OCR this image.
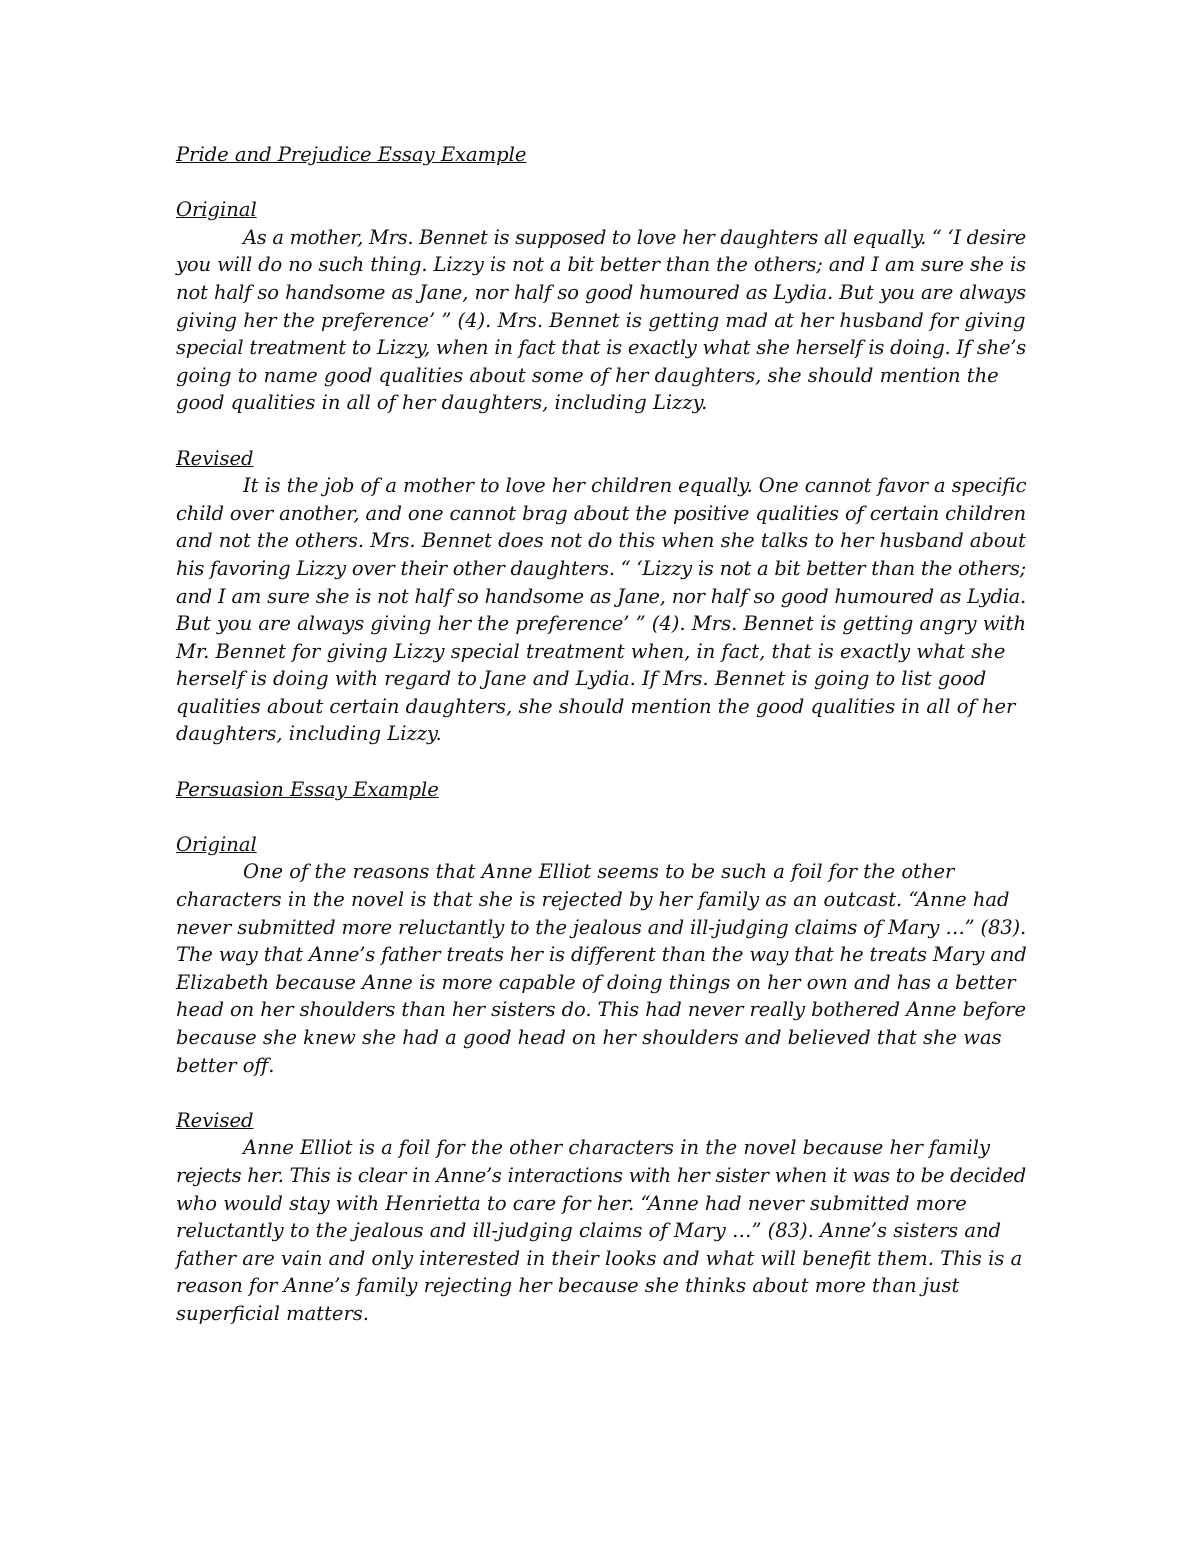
Pride and Prejudice Essay Example
Original
As a mother, Mrs. Bennet is supposed to love her daughters all equally. “ ‘I desire
you will do no such thing. Lizzy is not a bit better than the others; and I am sure she is
not half so handsome as Jane, nor half so good humoured as Lydia. But you are always
giving her the preference’ ” (4). Mrs. Bennet is getting mad at her husband for giving
special treatment to Lizzy, when in fact that is exactly what she herself is doing. If she’s
going to name good qualities about some of her daughters, she should mention the
good qualities in all of her daughters, including Lizzy.
Revised
It is the job of a mother to love her children equally. One cannot favor a specific
child over another, and one cannot brag about the positive qualities of certain children
and not the others. Mrs. Bennet does not do this when she talks to her husband about
his favoring Lizzy over their other daughters. “ ‘Lizzy is not a bit better than the others;
and I am sure she is not half so handsome as Jane, nor half so good humoured as Lydia.
But you are always giving her the preference’ ” (4). Mrs. Bennet is getting angry with
Mr. Bennet for giving Lizzy special treatment when, in fact, that is exactly what she
herself is doing with regard to Jane and Lydia. If Mrs. Bennet is going to list good
qualities about certain daughters, she should mention the good qualities in all of her
daughters, including Lizzy.
Persuasion Essay Example
Original
One of the reasons that Anne Elliot seems to be such a foil for the other
characters in the novel is that she is rejected by her family as an outcast. “Anne had
never submitted more reluctantly to the jealous and ill-judging claims of Mary …” (83).
The way that Anne’s father treats her is different than the way that he treats Mary and
Elizabeth because Anne is more capable of doing things on her own and has a better
head on her shoulders than her sisters do. This had never really bothered Anne before
because she knew she had a good head on her shoulders and believed that she was
better off.
Revised
Anne Elliot is a foil for the other characters in the novel because her family
rejects her. This is clear in Anne’s interactions with her sister when it was to be decided
who would stay with Henrietta to care for her. “Anne had never submitted more
reluctantly to the jealous and ill-judging claims of Mary …” (83). Anne’s sisters and
father are vain and only interested in their looks and what will benefit them. This is a
reason for Anne’s family rejecting her because she thinks about more than just
superficial matters.
